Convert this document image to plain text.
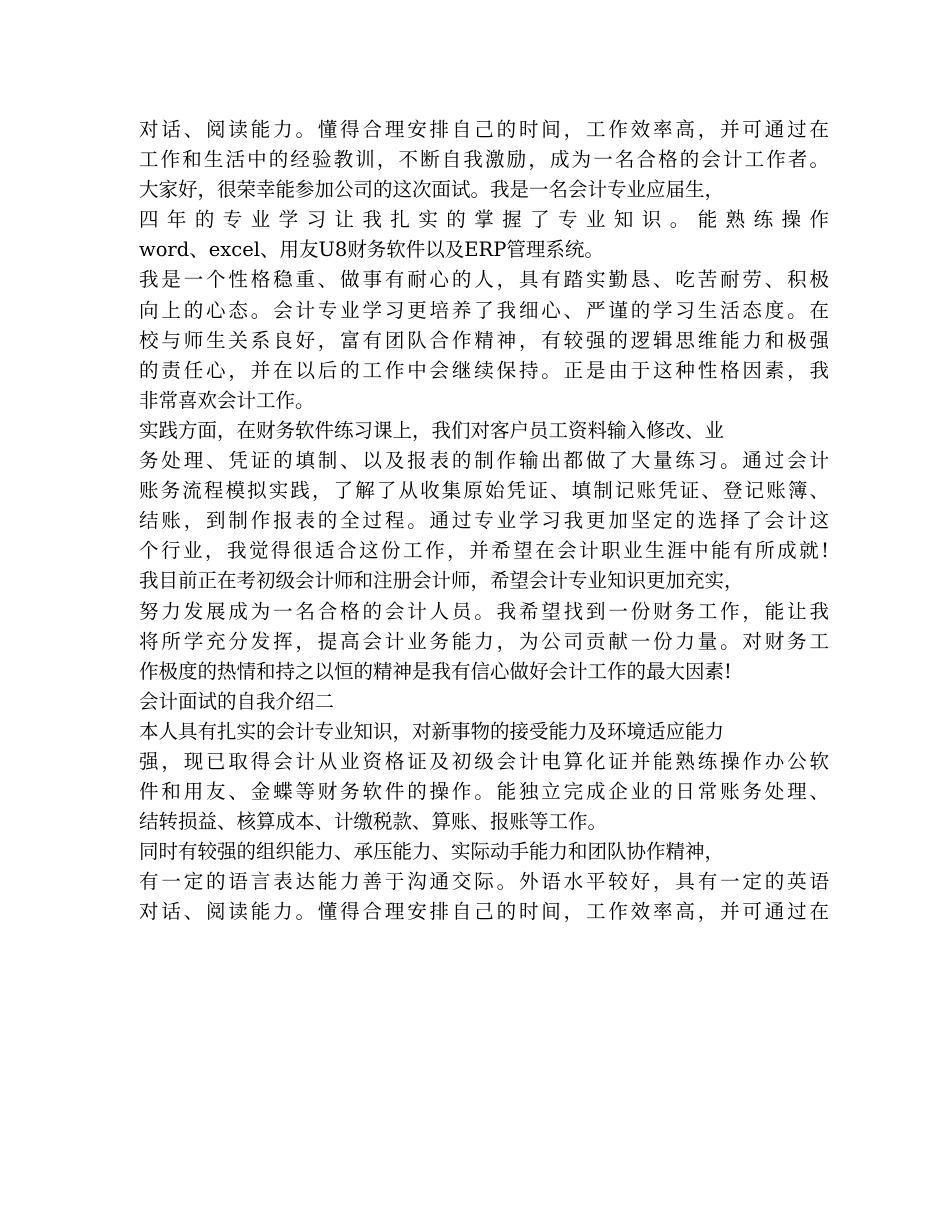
对话、阅读能力。懂得合理安排自己的时间，工作效率高，并可通过在
工作和生活中的经验教训，不断自我激励，成为一名合格的会计工作者。
大家好，很荣幸能参加公司的这次面试。我是一名会计专业应届生，
四年的专业学习让我扎实的掌握了专业知识。能熟练操作
word、excel、用友U8财务软件以及ERP管理系统。
我是一个性格稳重、做事有耐心的人，具有踏实勤恳、吃苦耐劳、积极
向上的心态。会计专业学习更培养了我细心、严谨的学习生活态度。在
校与师生关系良好，富有团队合作精神，有较强的逻辑思维能力和极强
的责任心，并在以后的工作中会继续保持。正是由于这种性格因素，我
非常喜欢会计工作。
实践方面，在财务软件练习课上，我们对客户员工资料输入修改、业
务处理、凭证的填制、以及报表的制作输出都做了大量练习。通过会计
账务流程模拟实践，了解了从收集原始凭证、填制记账凭证、登记账簿、
结账，到制作报表的全过程。通过专业学习我更加坚定的选择了会计这
个行业，我觉得很适合这份工作，并希望在会计职业生涯中能有所成就!
我目前正在考初级会计师和注册会计师，希望会计专业知识更加充实，
努力发展成为一名合格的会计人员。我希望找到一份财务工作，能让我
将所学充分发挥，提高会计业务能力，为公司贡献一份力量。对财务工
作极度的热情和持之以恒的精神是我有信心做好会计工作的最大因素!
会计面试的自我介绍二
本人具有扎实的会计专业知识，对新事物的接受能力及环境适应能力
强，现已取得会计从业资格证及初级会计电算化证并能熟练操作办公软
件和用友、金蝶等财务软件的操作。能独立完成企业的日常账务处理、
结转损益、核算成本、计缴税款、算账、报账等工作。
同时有较强的组织能力、承压能力、实际动手能力和团队协作精神，
有一定的语言表达能力善于沟通交际。外语水平较好，具有一定的英语
对话、阅读能力。懂得合理安排自己的时间，工作效率高，并可通过在
